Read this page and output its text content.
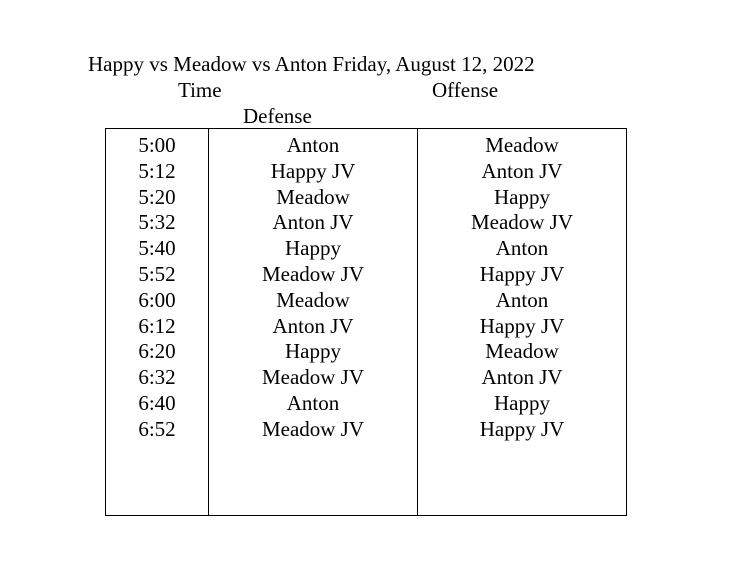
Happy vs Meadow vs Anton Friday, August 12, 2022
Time	Offense
Defense
5:00	Anton	Meadow
5:12	Happy JV	Anton JV
5:20	Meadow	Happy
5:32	Anton JV	Meadow JV
5:40	Happy	Anton
5:52	Meadow JV	Happy JV
6:00	Meadow	Anton
6:12	Anton JV	Happy JV
6:20	Happy	Meadow
6:32	Meadow JV	Anton JV
6:40	Anton	Happy
6:52	Meadow JV	Happy JV
